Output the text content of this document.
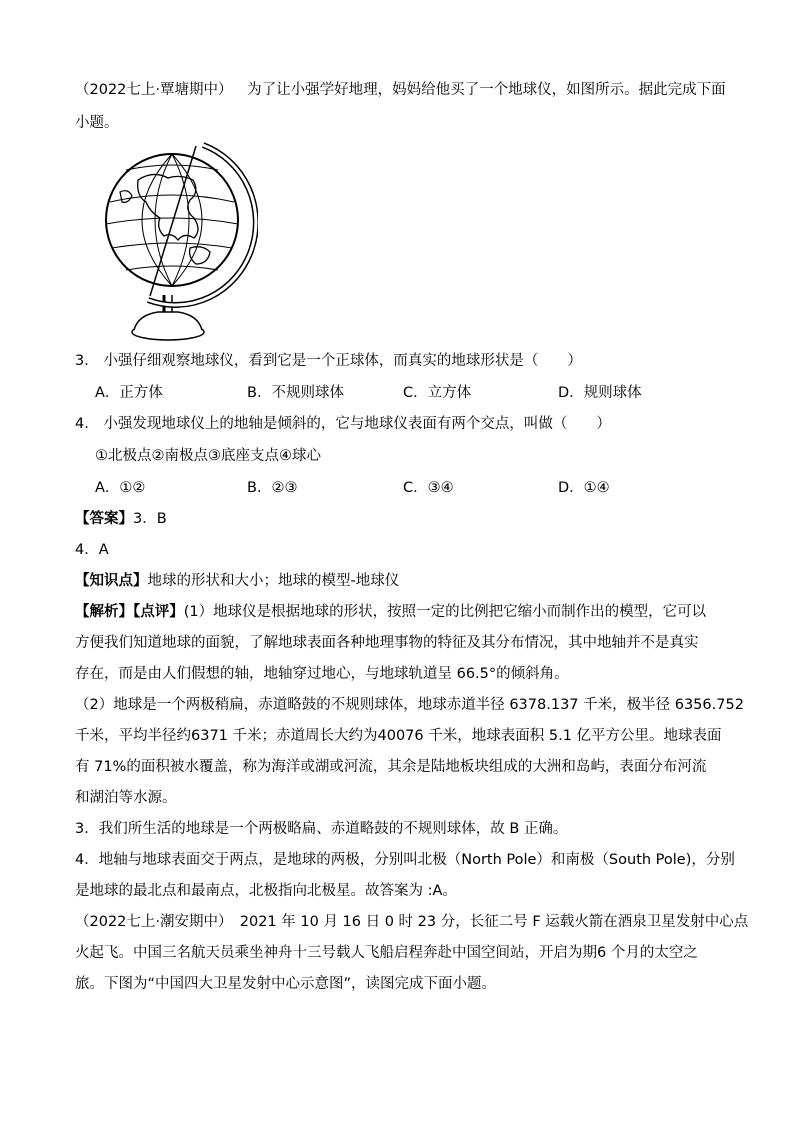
（2022七上·覃塘期中） 为了让小强学好地理，妈妈给他买了一个地球仪，如图所示。据此完成下面
小题。
3． 小强仔细观察地球仪，看到它是一个正球体，而真实的地球形状是（　　）
A．正方体	B．不规则球体	C．立方体	D．规则球体
4． 小强发现地球仪上的地轴是倾斜的，它与地球仪表面有两个交点，叫做（　　）
①北极点②南极点③底座支点④球心
A．①②	B．②③	C．③④	D．①④
【答案】3．B
4．A
【知识点】地球的形状和大小；地球的模型-地球仪
【解析】【点评】(1）地球仪是根据地球的形状，按照一定的比例把它缩小而制作出的模型，它可以
方便我们知道地球的面貌，了解地球表面各种地理事物的特征及其分布情况，其中地轴并不是真实
存在，而是由人们假想的轴，地轴穿过地心，与地球轨道呈 66.5°的倾斜角。
（2）地球是一个两极稍扁，赤道略鼓的不规则球体，地球赤道半径 6378.137 千米，极半径 6356.752
千米，平均半径约6371 千米；赤道周长大约为40076 千米，地球表面积 5.1 亿平方公里。地球表面
有 71%的面积被水覆盖，称为海洋或湖或河流，其余是陆地板块组成的大洲和岛屿，表面分布河流
和湖泊等水源。
3．我们所生活的地球是一个两极略扁、赤道略鼓的不规则球体，故 B 正确。
4．地轴与地球表面交于两点，是地球的两极，分别叫北极（North Pole）和南极（South Pole)，分别
是地球的最北点和最南点，北极指向北极星。故答案为 :A。
（2022七上·潮安期中）　2021 年 10 月 16 日 0 时 23 分，长征二号 F 运载火箭在酒泉卫星发射中心点
火起飞。中国三名航天员乘坐神舟十三号载人飞船启程奔赴中国空间站，开启为期6 个月的太空之
旅。下图为“中国四大卫星发射中心示意图”，读图完成下面小题。
